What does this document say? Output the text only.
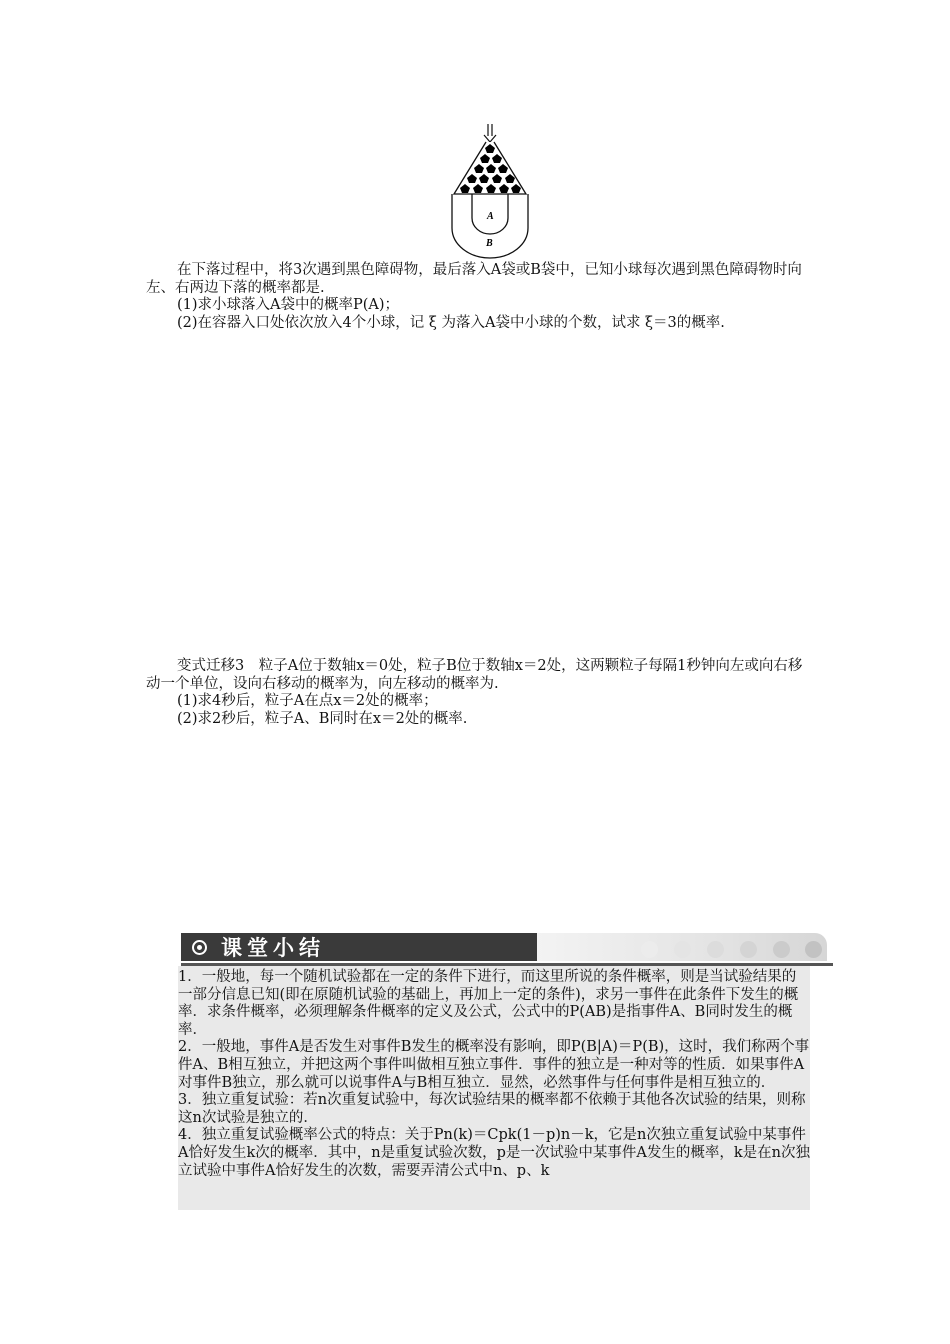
A
B

在下落过程中，将3次遇到黑色障碍物，最后落入A袋或B袋中，已知小球每次遇到黑色障碍物时向左、右两边下落的概率都是.

(1)求小球落入A袋中的概率P(A)；

(2)在容器入口处依次放入4个小球，记 ξ 为落入A袋中小球的个数，试求 ξ＝3的概率.

变式迁移3　粒子A位于数轴x＝0处，粒子B位于数轴x＝2处，这两颗粒子每隔1秒钟向左或向右移动一个单位，设向右移动的概率为，向左移动的概率为.

(1)求4秒后，粒子A在点x＝2处的概率；

(2)求2秒后，粒子A、B同时在x＝2处的概率.

课堂小结

1．一般地，每一个随机试验都在一定的条件下进行，而这里所说的条件概率，则是当试验结果的一部分信息已知(即在原随机试验的基础上，再加上一定的条件)，求另一事件在此条件下发生的概率．求条件概率，必须理解条件概率的定义及公式，公式中的P(AB)是指事件A、B同时发生的概率．

2．一般地，事件A是否发生对事件B发生的概率没有影响，即P(B|A)＝P(B)，这时，我们称两个事件A、B相互独立，并把这两个事件叫做相互独立事件．事件的独立是一种对等的性质．如果事件A对事件B独立，那么就可以说事件A与B相互独立．显然，必然事件与任何事件是相互独立的．

3．独立重复试验：若n次重复试验中，每次试验结果的概率都不依赖于其他各次试验的结果，则称这n次试验是独立的．

4．独立重复试验概率公式的特点：关于Pn(k)＝Cpk(1－p)n－k，它是n次独立重复试验中某事件A恰好发生k次的概率．其中，n是重复试验次数，p是一次试验中某事件A发生的概率，k是在n次独立试验中事件A恰好发生的次数，需要弄清公式中n、p、k
